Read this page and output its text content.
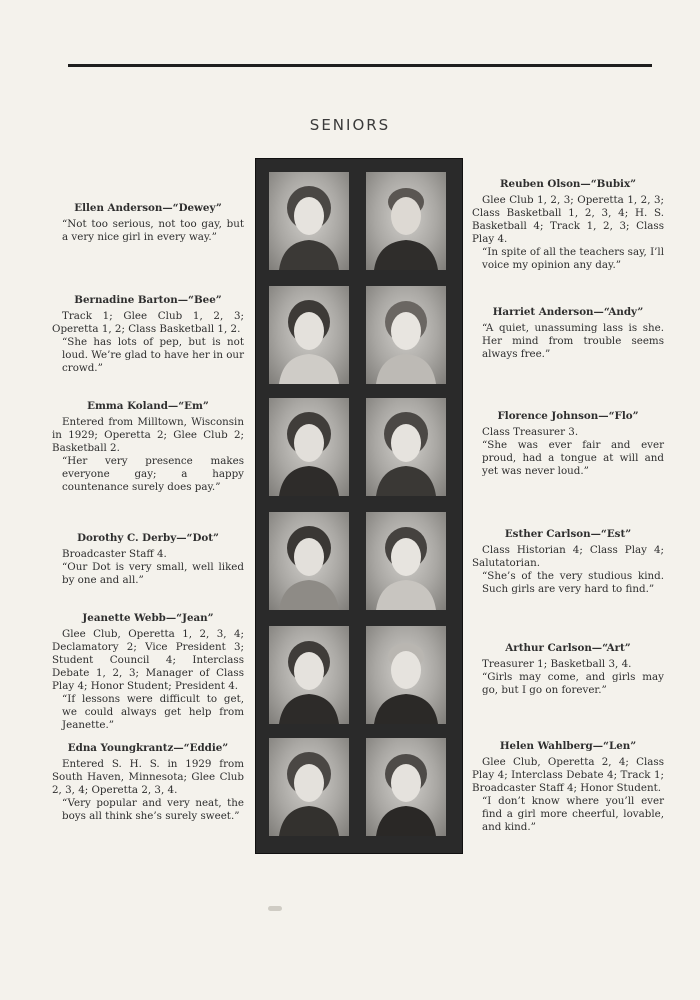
SENIORS
Ellen Anderson—“Dewey”
“Not too serious, not too gay, but a very nice girl in every way.”
Bernadine Barton—“Bee”
Track 1; Glee Club 1, 2, 3; Operetta 1, 2; Class Basketball 1, 2.
“She has lots of pep, but is not loud. We’re glad to have her in our crowd.”
Emma Koland—“Em”
Entered from Milltown, Wisconsin in 1929; Operetta 2; Glee Club 2; Basketball 2.
“Her very presence makes everyone gay; a happy countenance surely does pay.”
Dorothy C. Derby—“Dot”
Broadcaster Staff 4.
“Our Dot is very small, well liked by one and all.”
Jeanette Webb—“Jean”
Glee Club, Operetta 1, 2, 3, 4; Declamatory 2; Vice President 3; Student Council 4; Interclass Debate 1, 2, 3; Manager of Class Play 4; Honor Student; President 4.
“If lessons were difficult to get, we could always get help from Jeanette.”
Edna Youngkrantz—“Eddie”
Entered S. H. S. in 1929 from South Haven, Minnesota; Glee Club 2, 3, 4; Operetta 2, 3, 4.
“Very popular and very neat, the boys all think she’s surely sweet.”
Reuben Olson—“Bubix”
Glee Club 1, 2, 3; Operetta 1, 2, 3; Class Basketball 1, 2, 3, 4; H. S. Basketball 4; Track 1, 2, 3; Class Play 4.
“In spite of all the teachers say, I’ll voice my opinion any day.”
Harriet Anderson—“Andy”
“A quiet, unassuming lass is she. Her mind from trouble seems always free.”
Florence Johnson—“Flo”
Class Treasurer 3.
“She was ever fair and ever proud, had a tongue at will and yet was never loud.”
Esther Carlson—“Est”
Class Historian 4; Class Play 4; Salutatorian.
“She’s of the very studious kind. Such girls are very hard to find.”
Arthur Carlson—“Art”
Treasurer 1; Basketball 3, 4.
“Girls may come, and girls may go, but I go on forever.”
Helen Wahlberg—“Len”
Glee Club, Operetta 2, 4; Class Play 4; Interclass Debate 4; Track 1; Broadcaster Staff 4; Honor Student.
“I don’t know where you’ll ever find a girl more cheerful, lovable, and kind.”
